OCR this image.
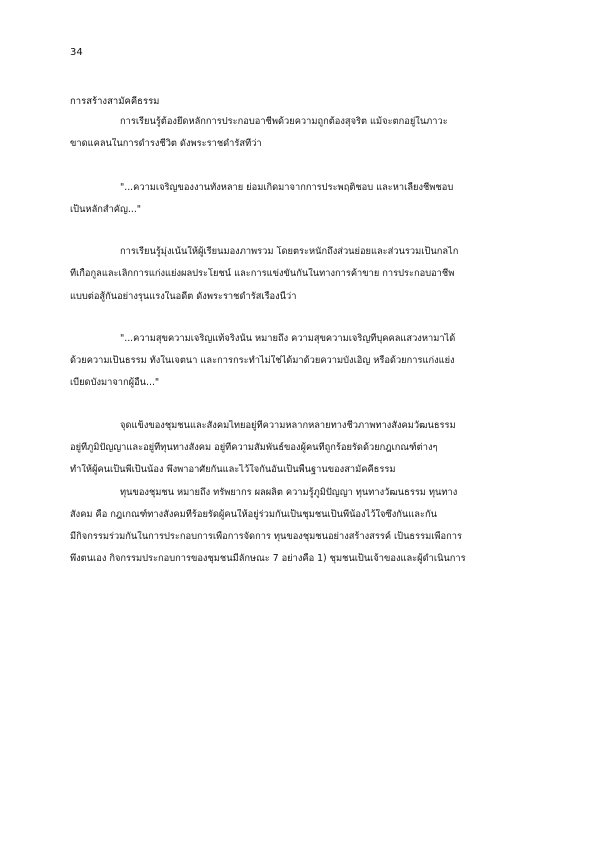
34
การสร้างสามัคคีธรรม
การเรียนรู้ต้องยึดหลักการประกอบอาชีพด้วยความถูกต้องสุจริต แม้จะตกอยู่ในภาวะ
ขาดแคลนในการดำรงชีวิต ดังพระราชดำรัสที่ว่า
"...ความเจริญของงานทั้งหลาย ย่อมเกิดมาจากการประพฤติชอบ และหาเลี้ยงชีพชอบ
เป็นหลักสำคัญ..."
การเรียนรู้มุ่งเน้นให้ผู้เรียนมองภาพรวม โดยตระหนักถึงส่วนย่อยและส่วนรวมเป็นกลไก
ที่เกื้อกูลและเลิกการแก่งแย่งผลประโยชน์ และการแข่งขันกันในทางการค้าขาย การประกอบอาชีพ
แบบต่อสู้กันอย่างรุนแรงในอดีต ดังพระราชดำรัสเรื่องนี้ว่า
"...ความสุขความเจริญแท้จริงนั้น หมายถึง ความสุขความเจริญที่บุคคลแสวงหามาได้
ด้วยความเป็นธรรม ทั้งในเจตนา และการกระทำไม่ใช่ได้มาด้วยความบังเอิญ หรือด้วยการแก่งแย่ง
เบียดบังมาจากผู้อื่น..."
จุดแข็งของชุมชนและสังคมไทยอยู่ที่ความหลากหลายทางชีวภาพทางสังคมวัฒนธรรม
อยู่ที่ภูมิปัญญาและอยู่ที่ทุนทางสังคม อยู่ที่ความสัมพันธ์ของผู้คนที่ถูกร้อยรัดด้วยกฎเกณฑ์ต่างๆ
ทำให้ผู้คนเป็นพี่เป็นน้อง พึ่งพาอาศัยกันและไว้ใจกันอันเป็นพื้นฐานของสามัคคีธรรม
ทุนของชุมชน หมายถึง ทรัพยากร ผลผลิต ความรู้ภูมิปัญญา ทุนทางวัฒนธรรม ทุนทาง
สังคม คือ กฎเกณฑ์ทางสังคมที่ร้อยรัดผู้คนให้อยู่ร่วมกันเป็นชุมชนเป็นพี่น้องไว้ใจซึ่งกันและกัน
มีกิจกรรมร่วมกันในการประกอบการเพื่อการจัดการ ทุนของชุมชนอย่างสร้างสรรค์ เป็นธรรมเพื่อการ
พึ่งตนเอง กิจกรรมประกอบการของชุมชนมีลักษณะ 7 อย่างคือ 1) ชุมชนเป็นเจ้าของและผู้ดำเนินการ
